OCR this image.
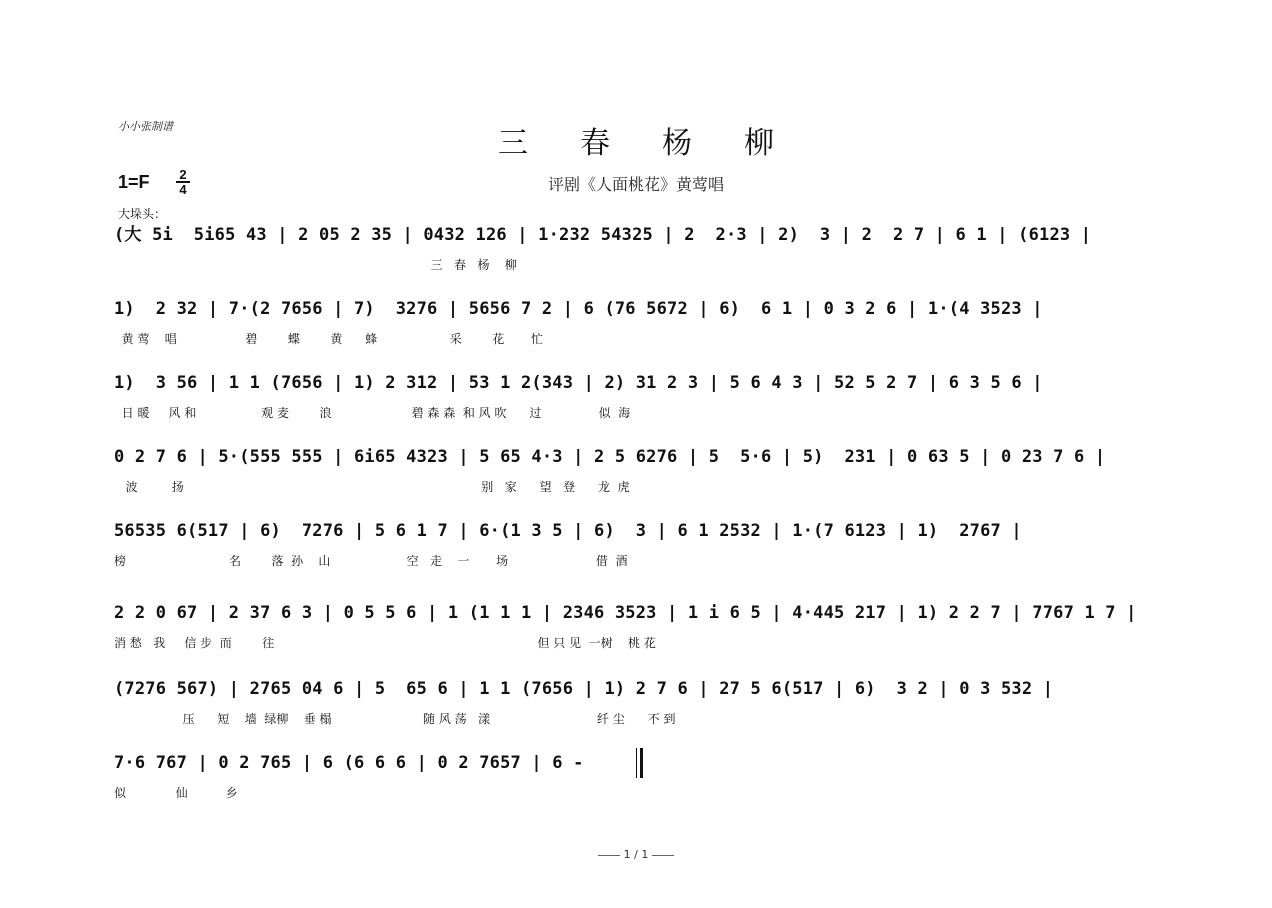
小小张制谱	三春杨柳
评剧《人面桃花》黄莺唱
1=F 2
4
大垛头：
(大 5i  5i65 43 | 2 05 2 35 | 0432 126 | 1·232 54325 | 2  2·3 | 2)  3 | 2  2 7 | 6 1 | (6123 |
三   春   杨    柳
1)  2 32 | 7·(2 7656 | 7)  3276 | 5656 7 2 | 6 (76 5672 | 6)  6 1 | 0 3 2 6 | 1·(4 3523 |
黄 莺    唱                  碧        蝶        黄      蜂                   采        花       忙
1)  3 56 | 1 1 (7656 | 1) 2 312 | 53 1 2(343 | 2) 31 2 3 | 5 6 4 3 | 52 5 2 7 | 6 3 5 6 |
日 暖     风 和                 观 麦        浪                     碧 森 森  和 风 吹      过               似  海
0 2 7 6 | 5·(555 555 | 6i65 4323 | 5 65 4·3 | 2 5 6276 | 5  5·6 | 5)  231 | 0 63 5 | 0 23 7 6 |
波         扬                                                                              别   家      望   登      龙  虎
56535 6(517 | 6)  7276 | 5 6 1 7 | 6·(1 3 5 | 6)  3 | 6 1 2532 | 1·(7 6123 | 1)  2767 |
榜                           名        落  孙    山                    空   走    一       场                       借  酒
2 2 0 67 | 2 37 6 3 | 0 5 5 6 | 1 (1 1 1 | 2346 3523 | 1 i 6 5 | 4·445 217 | 1) 2 2 7 | 7767 1 7 |
消 愁   我     信 步  而        往                                                                     但 只 见  一树    桃 花
(7276 567) | 2765 04 6 | 5  65 6 | 1 1 (7656 | 1) 2 7 6 | 27 5 6(517 | 6)  3 2 | 0 3 532 |
压      短    墙  绿柳    垂 榻                        随 风 荡   漾                            纤 尘      不 到
7·6 767 | 0 2 765 | 6 (6 6 6 | 0 2 7657 | 6 -
似             仙          乡
1 / 1
